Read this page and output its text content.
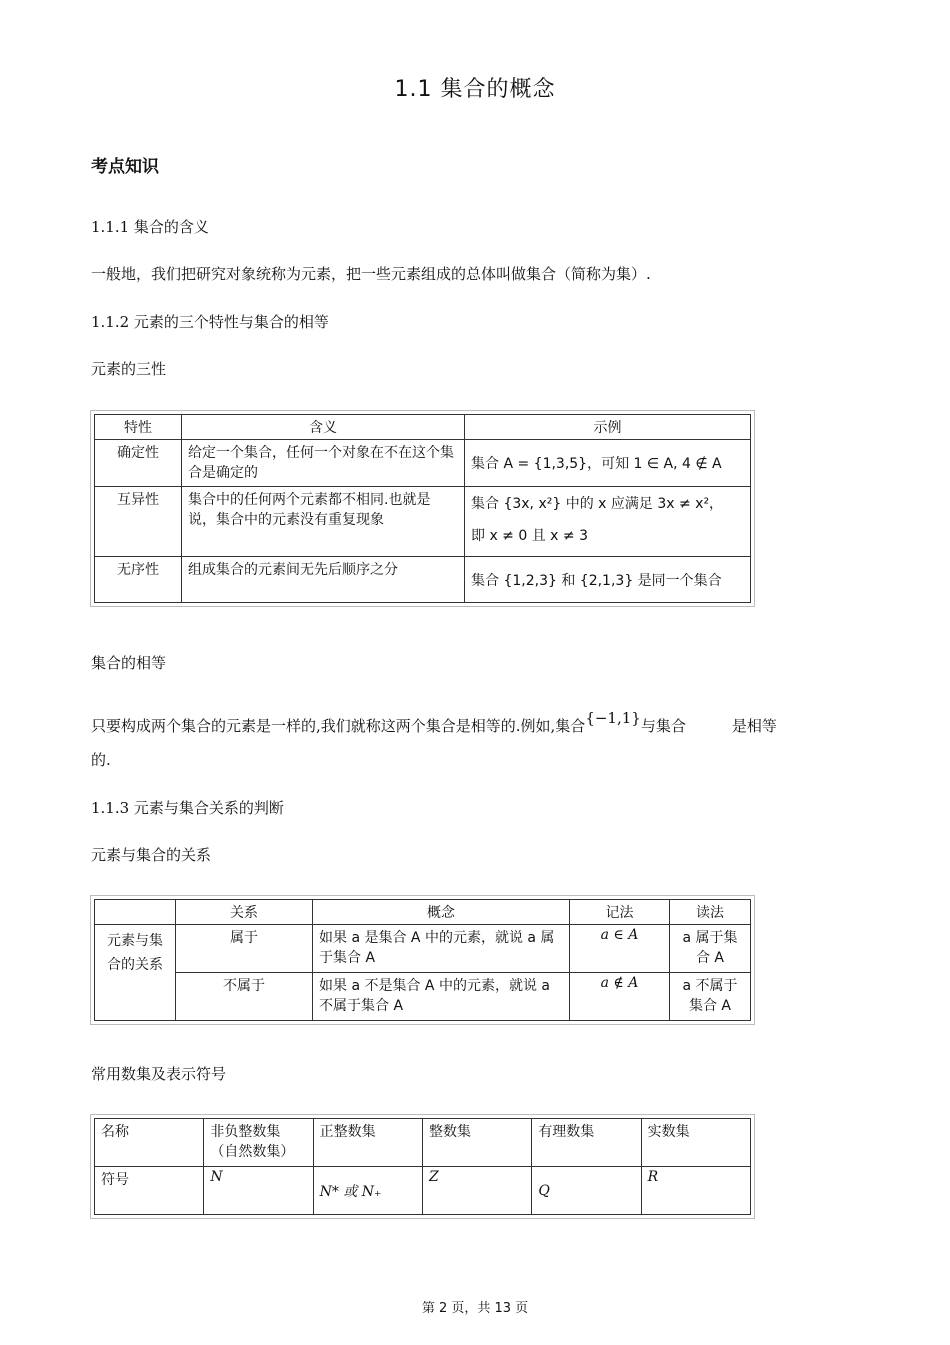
1.1 集合的概念
考点知识
1.1.1 集合的含义
一般地，我们把研究对象统称为元素，把一些元素组成的总体叫做集合（简称为集）.
1.1.2 元素的三个特性与集合的相等
元素的三性
特性	含义	示例
确定性	给定一个集合，任何一个对象在不在这个集合是确定的	集合 A = {1,3,5}，可知 1 ∈ A, 4 ∉ A
互异性	集合中的任何两个元素都不相同.也就是说，集合中的元素没有重复现象	集合 {3x, x²} 中的 x 应满足 3x ≠ x²，
即 x ≠ 0 且 x ≠ 3

无序性	组成集合的元素间无先后顺序之分	集合 {1,2,3} 和 {2,1,3} 是同一个集合
集合的相等
只要构成两个集合的元素是一样的,我们就称这两个集合是相等的.例如,集合{−1,1}与集合	是相等
的.
1.1.3 元素与集合关系的判断
元素与集合的关系
	关系	概念	记法	读法
元素与集合的关系	属于	如果 a 是集合 A 中的元素，就说 a 属于集合 A	a ∈ A	a 属于集合 A
	不属于	如果 a 不是集合 A 中的元素，就说 a 不属于集合 A	a ∉ A	a 不属于集合 A
常用数集及表示符号
名称	非负整数集（自然数集）	正整数集	整数集	有理数集	实数集
符号	N	N* 或 N₊	Z	Q	R
第 2 页，共 13 页
